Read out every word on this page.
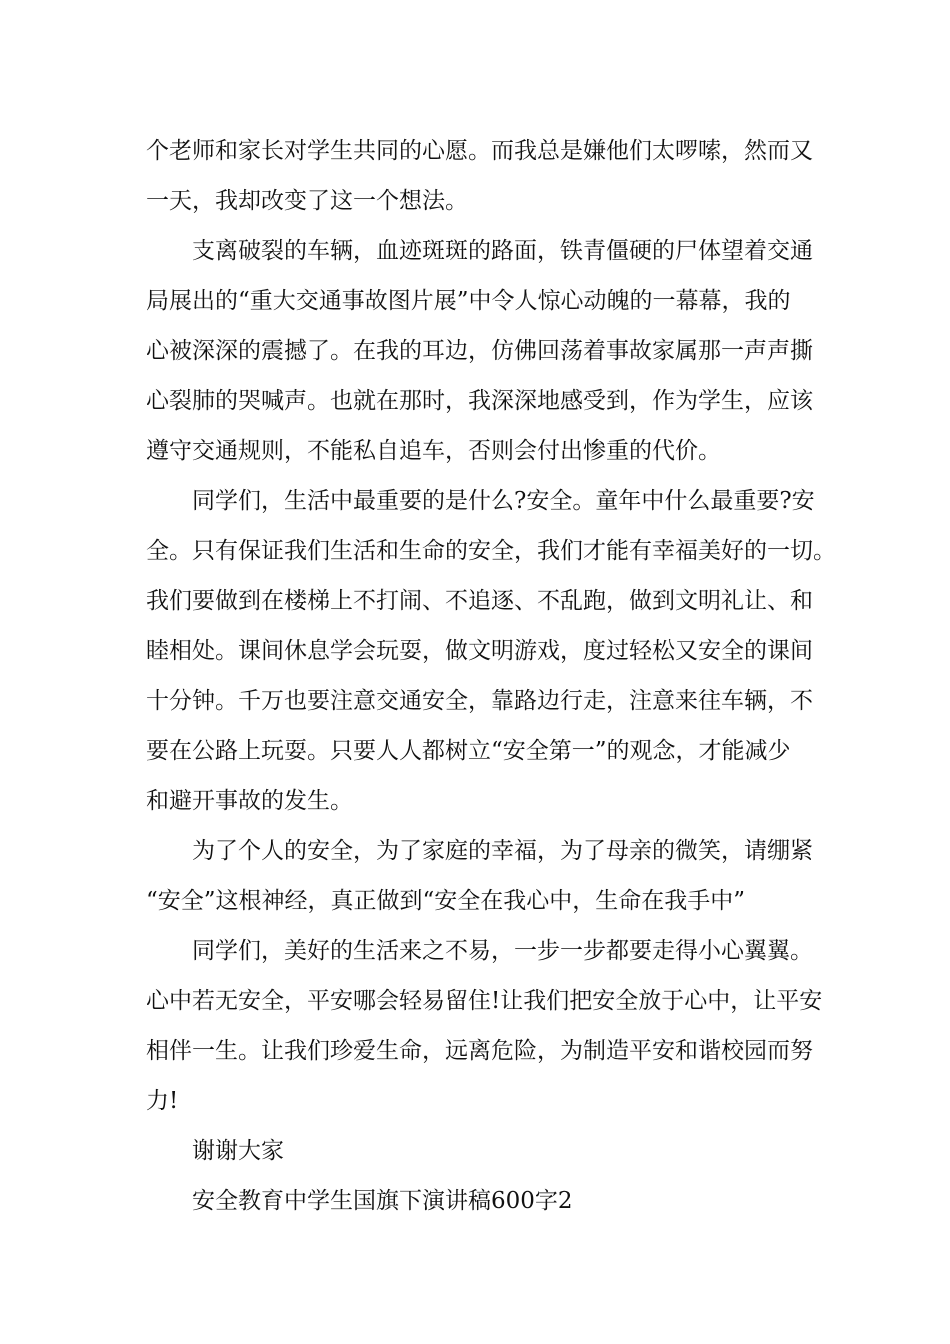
个老师和家长对学生共同的心愿。而我总是嫌他们太啰嗦，然而又
一天，我却改变了这一个想法。
支离破裂的车辆，血迹斑斑的路面，铁青僵硬的尸体望着交通
局展出的“重大交通事故图片展”中令人惊心动魄的一幕幕，我的
心被深深的震撼了。在我的耳边，仿佛回荡着事故家属那一声声撕
心裂肺的哭喊声。也就在那时，我深深地感受到，作为学生，应该
遵守交通规则，不能私自追车，否则会付出惨重的代价。
同学们，生活中最重要的是什么?安全。童年中什么最重要?安
全。只有保证我们生活和生命的安全，我们才能有幸福美好的一切。
我们要做到在楼梯上不打闹、不追逐、不乱跑，做到文明礼让、和
睦相处。课间休息学会玩耍，做文明游戏，度过轻松又安全的课间
十分钟。千万也要注意交通安全，靠路边行走，注意来往车辆，不
要在公路上玩耍。只要人人都树立“安全第一”的观念，才能减少
和避开事故的发生。
为了个人的安全，为了家庭的幸福，为了母亲的微笑，请绷紧
“安全”这根神经，真正做到“安全在我心中，生命在我手中”
同学们，美好的生活来之不易，一步一步都要走得小心翼翼。
心中若无安全，平安哪会轻易留住!让我们把安全放于心中，让平安
相伴一生。让我们珍爱生命，远离危险，为制造平安和谐校园而努
力!
谢谢大家
安全教育中学生国旗下演讲稿600字2
